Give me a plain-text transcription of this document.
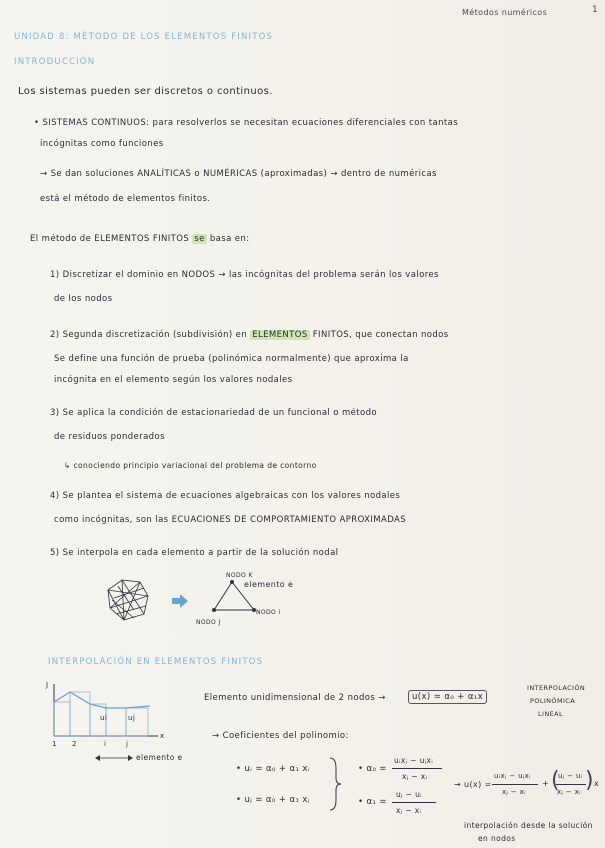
Métodos numéricos	1
UNIDAD 8: MÉTODO DE LOS ELEMENTOS FINITOS
INTRODUCCIÓN
Los sistemas pueden ser discretos o continuos.
• SISTEMAS CONTINUOS: para resolverlos se necesitan ecuaciones diferenciales con tantas
incógnitas como funciones
→ Se dan soluciones ANALÍTICAS o NUMÉRICAS (aproximadas) → dentro de numéricas
está el método de elementos finitos.
El método de ELEMENTOS FINITOS se basa en:
1) Discretizar el dominio en NODOS → las incógnitas del problema serán los valores
de los nodos
2) Segunda discretización (subdivisión) en ELEMENTOS FINITOS, que conectan nodos
Se define una función de prueba (polinómica normalmente) que aproxima la
incógnita en el elemento según los valores nodales
3) Se aplica la condición de estacionariedad de un funcional o método
de residuos ponderados
↳ conociendo principio variacional del problema de contorno
4) Se plantea el sistema de ecuaciones algebraicas con los valores nodales
como incógnitas, son las ECUACIONES DE COMPORTAMIENTO APROXIMADAS
5) Se interpola en cada elemento a partir de la solución nodal
NODO K
elemento e
NODO J
NODO i
INTERPOLACIÓN EN ELEMENTOS FINITOS
J
x
1 2	i	j
ui	uj
elemento e
Elemento unidimensional de 2 nodos →	u(x) = α₀ + α₁x
INTERPOLACIÓN
POLINÓMICA
LINEAL
→ Coeficientes del polinomio:
• uᵢ = α₀ + α₁ xᵢ
• uⱼ = α₀ + α₁ xⱼ
• α₀ =
uᵢxⱼ − uⱼxᵢ
xⱼ − xᵢ
• α₁ =
uⱼ − uᵢ
xⱼ − xᵢ
→ u(x) =
uᵢxⱼ − uⱼxᵢ
xⱼ − xᵢ
+ (
uⱼ − uᵢ
xⱼ − xᵢ ) x
interpolación desde la solución
en nodos
